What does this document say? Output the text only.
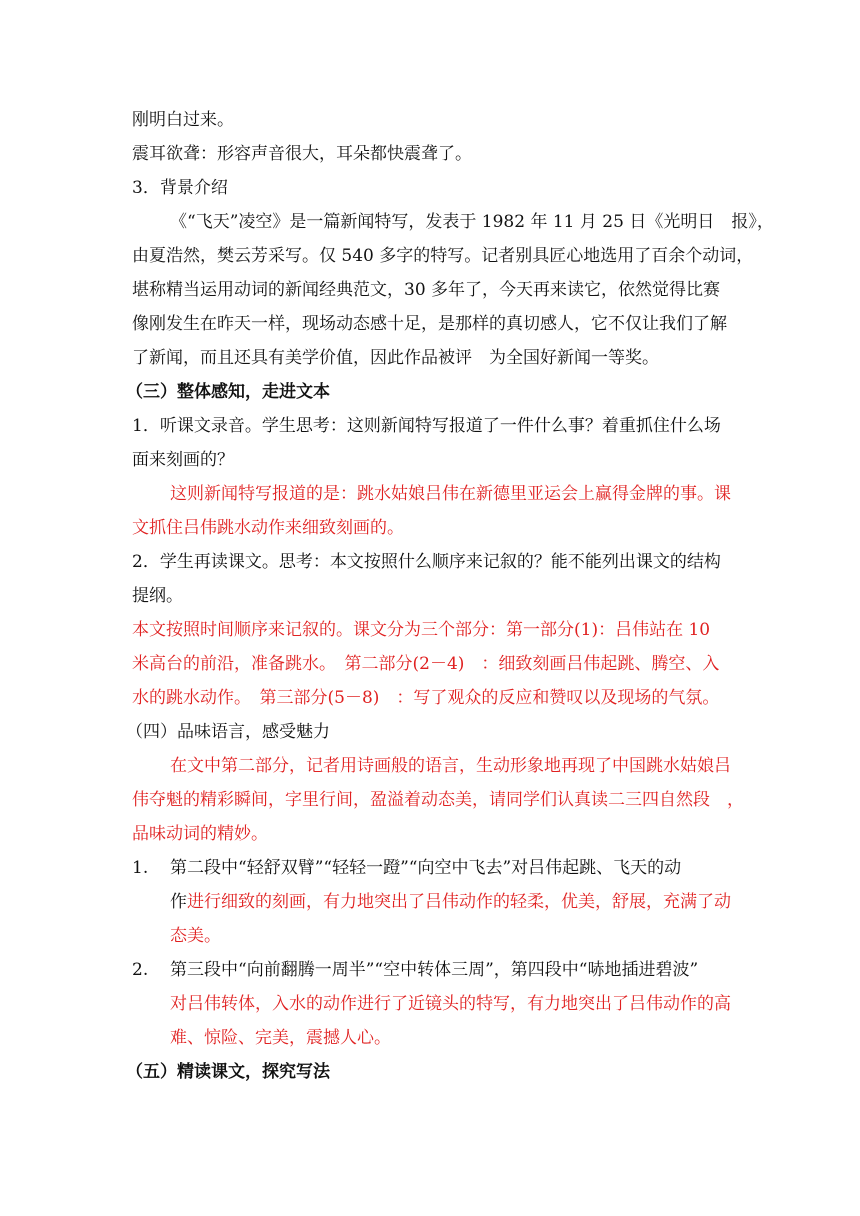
刚明白过来。
震耳欲聋：形容声音很大，耳朵都快震聋了。
3．背景介绍
《“飞天”凌空》是一篇新闻特写，发表于 1982 年 11 月 25 日《光明日　报》，
由夏浩然，樊云芳采写。仅 540 多字的特写。记者别具匠心地选用了百余个动词，
堪称精当运用动词的新闻经典范文，30 多年了，今天再来读它，依然觉得比赛
像刚发生在昨天一样，现场动态感十足，是那样的真切感人，它不仅让我们了解
了新闻，而且还具有美学价值，因此作品被评　为全国好新闻一等奖。
（三）整体感知，走进文本
1．听课文录音。学生思考：这则新闻特写报道了一件什么事？着重抓住什么场
面来刻画的？
这则新闻特写报道的是：跳水姑娘吕伟在新德里亚运会上赢得金牌的事。课
文抓住吕伟跳水动作来细致刻画的。
2．学生再读课文。思考：本文按照什么顺序来记叙的？能不能列出课文的结构
提纲。
本文按照时间顺序来记叙的。课文分为三个部分：第一部分(1)：吕伟站在 10
米高台的前沿，准备跳水。　第二部分(2－4)　：细致刻画吕伟起跳、腾空、入
水的跳水动作。　第三部分(5－8)　：写了观众的反应和赞叹以及现场的气氛。
（四）品味语言，感受魅力
在文中第二部分，记者用诗画般的语言，生动形象地再现了中国跳水姑娘吕
伟夺魁的精彩瞬间，字里行间，盈溢着动态美，请同学们认真读二三四自然段　，
品味动词的精妙。
1. 第二段中“轻舒双臂”“轻轻一蹬”“向空中飞去”对吕伟起跳、飞天的动
作进行细致的刻画，有力地突出了吕伟动作的轻柔，优美，舒展，充满了动
态美。
2. 第三段中“向前翻腾一周半”“空中转体三周”，第四段中“哧地插进碧波”
对吕伟转体，入水的动作进行了近镜头的特写，有力地突出了吕伟动作的高
难、惊险、完美，震撼人心。
（五）精读课文，探究写法
